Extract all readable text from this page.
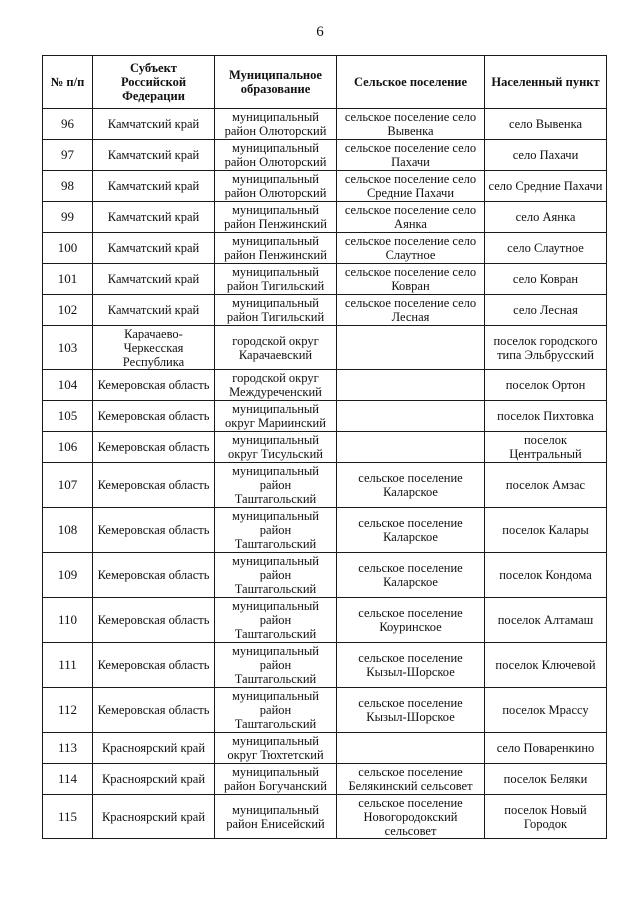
6
№ п/п	Субъект Российской Федерации	Муниципальное образование	Сельское поселение	Населенный пункт
96	Камчатский край	муниципальный район Олюторский	сельское поселение село Вывенка	село Вывенка
97	Камчатский край	муниципальный район Олюторский	сельское поселение село Пахачи	село Пахачи
98	Камчатский край	муниципальный район Олюторский	сельское поселение село Средние Пахачи	село Средние Пахачи
99	Камчатский край	муниципальный район Пенжинский	сельское поселение село Аянка	село Аянка
100	Камчатский край	муниципальный район Пенжинский	сельское поселение село Слаутное	село Слаутное
101	Камчатский край	муниципальный район Тигильский	сельское поселение село Ковран	село Ковран
102	Камчатский край	муниципальный район Тигильский	сельское поселение село Лесная	село Лесная
103	Карачаево-Черкесская Республика	городской округ Карачаевский		поселок городского типа Эльбрусский
104	Кемеровская область	городской округ Междуреченский		поселок Ортон
105	Кемеровская область	муниципальный округ Мариинский		поселок Пихтовка
106	Кемеровская область	муниципальный округ Тисульский		поселок Центральный
107	Кемеровская область	муниципальный район Таштагольский	сельское поселение Каларское	поселок Амзас
108	Кемеровская область	муниципальный район Таштагольский	сельское поселение Каларское	поселок Калары
109	Кемеровская область	муниципальный район Таштагольский	сельское поселение Каларское	поселок Кондома
110	Кемеровская область	муниципальный район Таштагольский	сельское поселение Коуринское	поселок Алтамаш
111	Кемеровская область	муниципальный район Таштагольский	сельское поселение Кызыл-Шорское	поселок Ключевой
112	Кемеровская область	муниципальный район Таштагольский	сельское поселение Кызыл-Шорское	поселок Мрассу
113	Красноярский край	муниципальный округ Тюхтетский		село Поваренкино
114	Красноярский край	муниципальный район Богучанский	сельское поселение Белякинский сельсовет	поселок Беляки
115	Красноярский край	муниципальный район Енисейский	сельское поселение Новогородокский сельсовет	поселок Новый Городок
